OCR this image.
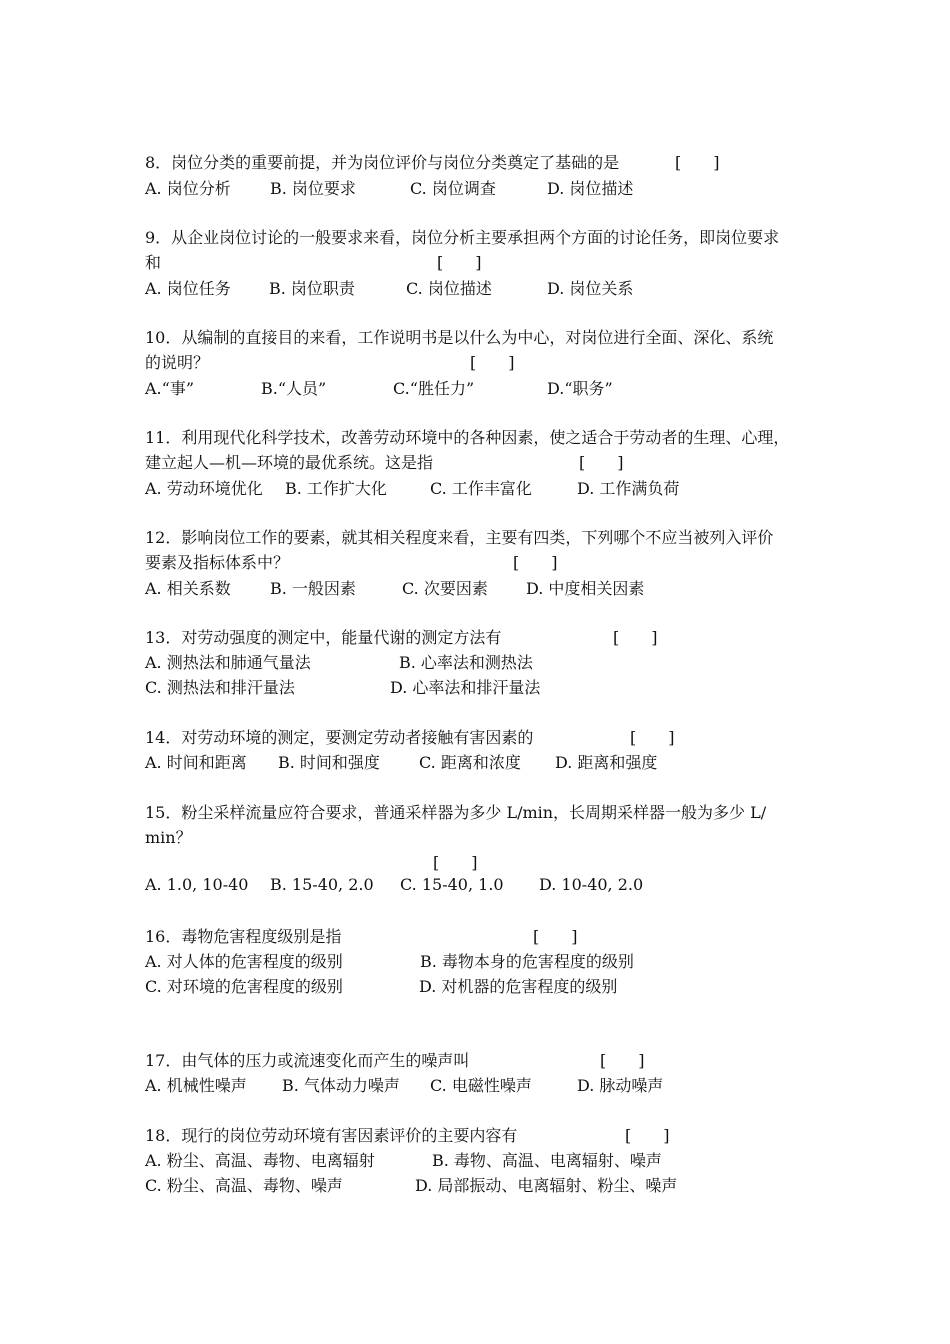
8．岗位分类的重要前提，并为岗位评价与岗位分类奠定了基础的是	[　　]
A. 岗位分析 B. 岗位要求	C. 岗位调查	D. 岗位描述
9．从企业岗位讨论的一般要求来看，岗位分析主要承担两个方面的讨论任务，即岗位要求
和	[　　]
A. 岗位任务 B. 岗位职责	C. 岗位描述	D. 岗位关系
10．从编制的直接目的来看，工作说明书是以什么为中心，对岗位进行全面、深化、系统
的说明？	[　　]
A.“事”	B.“人员”	C.“胜任力”	D.“职务”
11．利用现代化科学技术，改善劳动环境中的各种因素，使之适合于劳动者的生理、心理，
建立起人—机—环境的最优系统。这是指	[　　]
A. 劳动环境优化 B. 工作扩大化	C. 工作丰富化	D. 工作满负荷
12．影响岗位工作的要素，就其相关程度来看，主要有四类，下列哪个不应当被列入评价
要素及指标体系中？	[　　]
A. 相关系数 B. 一般因素	C. 次要因素 D. 中度相关因素
13．对劳动强度的测定中，能量代谢的测定方法有	[　　]
A. 测热法和肺通气量法	B. 心率法和测热法
C. 测热法和排汗量法	D. 心率法和排汗量法
14．对劳动环境的测定，要测定劳动者接触有害因素的	[　　]
A. 时间和距离 B. 时间和强度 C. 距离和浓度 D. 距离和强度
15．粉尘采样流量应符合要求，普通采样器为多少 L/min，长周期采样器一般为多少 L/
min？
[　　]
A. 1.0, 10-40 B. 15-40, 2.0 C. 15-40, 1.0 D. 10-40, 2.0
16．毒物危害程度级别是指	[　　]
A. 对人体的危害程度的级别	B. 毒物本身的危害程度的级别
C. 对环境的危害程度的级别	D. 对机器的危害程度的级别
17．由气体的压力或流速变化而产生的噪声叫	[　　]
A. 机械性噪声 B. 气体动力噪声 C. 电磁性噪声	D. 脉动噪声
18．现行的岗位劳动环境有害因素评价的主要内容有	[　　]
A. 粉尘、高温、毒物、电离辐射	B. 毒物、高温、电离辐射、噪声
C. 粉尘、高温、毒物、噪声	D. 局部振动、电离辐射、粉尘、噪声
